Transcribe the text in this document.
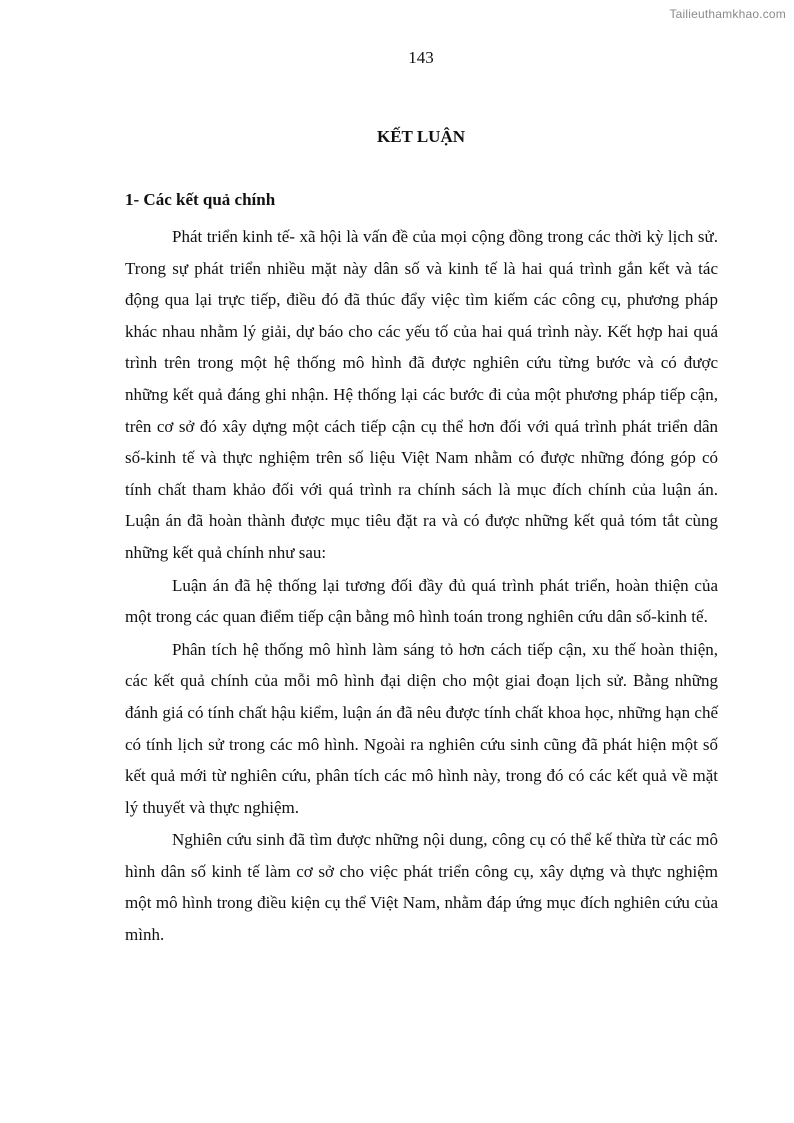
Tailieuthamkhao.com
143
KẾT LUẬN
1- Các kết quả chính

Phát triển kinh tế- xã hội là vấn đề của mọi cộng đồng trong các thời kỳ lịch sử. Trong sự phát triển nhiều mặt này dân số và kinh tế là hai quá trình gắn kết và tác động qua lại trực tiếp, điều đó đã thúc đẩy việc tìm kiếm các công cụ, phương pháp khác nhau nhằm lý giải, dự báo cho các yếu tố của hai quá trình này. Kết hợp hai quá trình trên trong một hệ thống mô hình đã được nghiên cứu từng bước và có được những kết quả đáng ghi nhận. Hệ thống lại các bước đi của một phương pháp tiếp cận, trên cơ sở đó xây dựng một cách tiếp cận cụ thể hơn đối với quá trình phát triển dân số-kinh tế và thực nghiệm trên số liệu Việt Nam nhằm có được những đóng góp có tính chất tham khảo đối với quá trình ra chính sách là mục đích chính của luận án. Luận án đã hoàn thành được mục tiêu đặt ra và có được những kết quả tóm tắt cùng những kết quả chính như sau:

Luận án đã hệ thống lại tương đối đầy đủ quá trình phát triển, hoàn thiện của một trong các quan điểm tiếp cận bằng mô hình toán trong nghiên cứu dân số-kinh tế.

Phân tích hệ thống mô hình làm sáng tỏ hơn cách tiếp cận, xu thế hoàn thiện, các kết quả chính của mỗi mô hình đại diện cho một giai đoạn lịch sử. Bằng những đánh giá có tính chất hậu kiểm, luận án đã nêu được tính chất khoa học, những hạn chế có tính lịch sử trong các mô hình. Ngoài ra nghiên cứu sinh cũng đã phát hiện một số kết quả mới từ nghiên cứu, phân tích các mô hình này, trong đó có các kết quả về mặt lý thuyết và thực nghiệm.

Nghiên cứu sinh đã tìm được những nội dung, công cụ có thể kế thừa từ các mô hình dân số kinh tế làm cơ sở cho việc phát triển công cụ, xây dựng và thực nghiệm một mô hình trong điều kiện cụ thể Việt Nam, nhằm đáp ứng mục đích nghiên cứu của mình.
